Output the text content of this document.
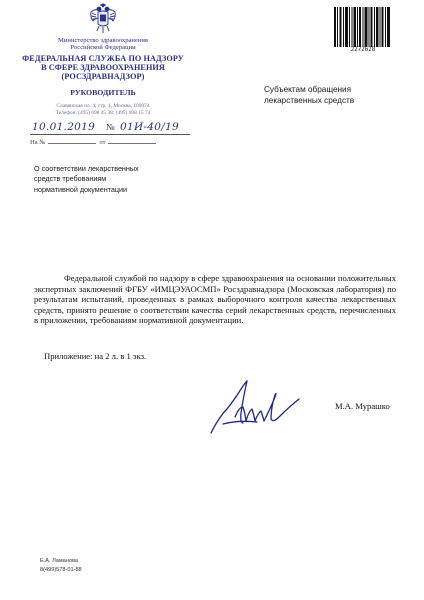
Министерство здравоохранения
Российской Федерации
ФЕДЕРАЛЬНАЯ СЛУЖБА ПО НАДЗОРУ
В СФЕРЕ ЗДРАВООХРАНЕНИЯ
(РОСЗДРАВНАДЗОР)
РУКОВОДИТЕЛЬ
Славянская пл. 4, стр. 1, Москва, 109074
Телефон: (495) 698 45 38; (495) 698 15 74
10.01.2019 № 01И-40/19
На №	от
2272628
Субъектам обращения
лекарственных средств
О соответствии лекарственных
средств требованиям
нормативной документации
Федеральной службой по надзору в сфере здравоохранения на основании положительных экспертных заключений ФГБУ «ИМЦЭУАОСМП» Росздравнадзора (Московская лаборатория) по результатам испытаний, проведенных в рамках выборочного контроля качества лекарственных средств, принято решение о соответствии качества серий лекарственных средств, перечисленных в приложении, требованиям нормативной документации.
Приложение: на 2 л. в 1 экз.
М.А. Мурашко
Е.А. Ламанова
8(499)578-01-88
